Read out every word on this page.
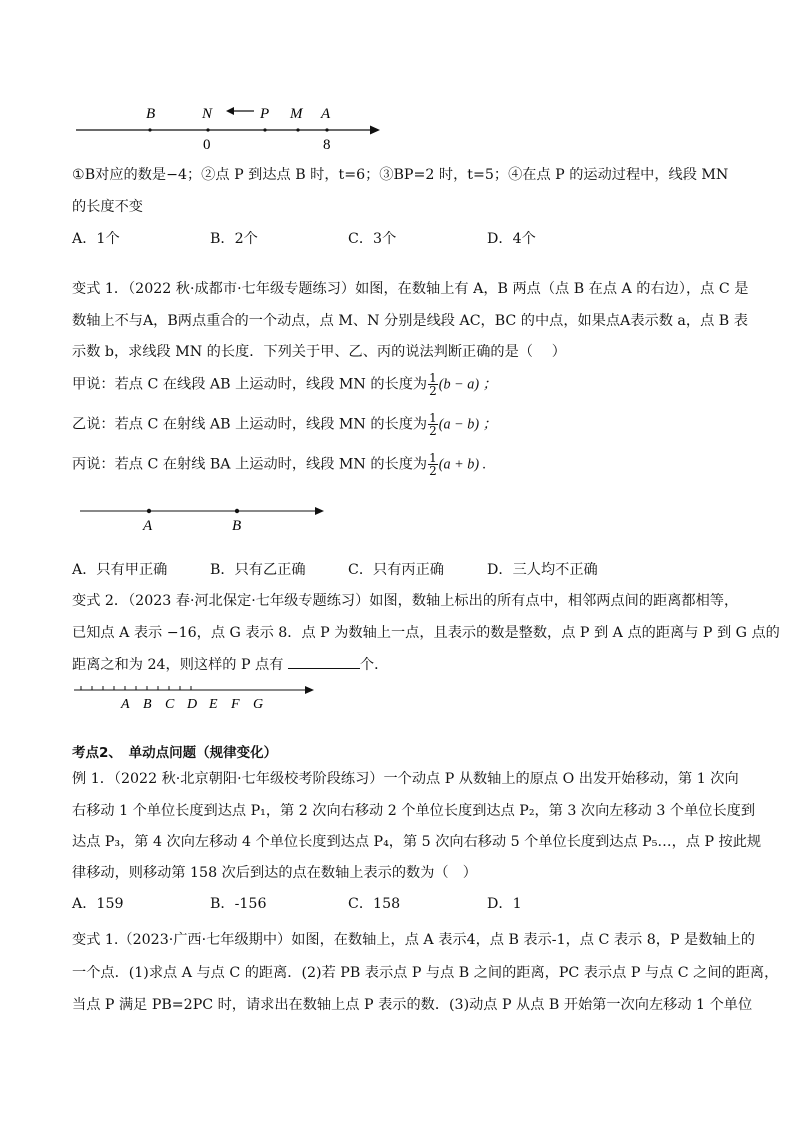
B	N	P M A
0	8
①B对应的数是−4；②点 P 到达点 B 时，t=6；③BP=2 时，t=5；④在点 P 的运动过程中，线段 MN
的长度不变
A．1个	B．2个	C．3个	D．4个
变式 1．（2022 秋·成都市·七年级专题练习）如图，在数轴上有 A，B 两点（点 B 在点 A 的右边），点 C 是
数轴上不与A，B两点重合的一个动点，点 M、N 分别是线段 AC，BC 的中点，如果点A表示数 a，点 B 表
示数 b，求线段 MN 的长度．下列关于甲、乙、丙的说法判断正确的是（　 ）
甲说：若点 C 在线段 AB 上运动时，线段 MN 的长度为 $\frac{1}{2} (b - a)$ ；
乙说：若点 C 在射线 AB 上运动时，线段 MN 的长度为 $\frac{1}{2} (a - b)$ ；
丙说：若点 C 在射线 BA 上运动时，线段 MN 的长度为 $\frac{1}{2} (a + b)$ .
A	B
A．只有甲正确	B．只有乙正确	C．只有丙正确	D．三人均不正确
变式 2．（2023 春·河北保定·七年级专题练习）如图，数轴上标出的所有点中，相邻两点间的距离都相等，
已知点 A 表示 −16，点 G 表示 8．点 P 为数轴上一点，且表示的数是整数，点 P 到 A 点的距离与 P 到 G 点的
距离之和为 24，则这样的 P 点有	个．
A B C D E F G
考点2、　单动点问题（规律变化）
例 1．（2022 秋·北京朝阳·七年级校考阶段练习）一个动点 P 从数轴上的原点 O 出发开始移动，第 1 次向
右移动 1 个单位长度到达点 P₁，第 2 次向右移动 2 个单位长度到达点 P₂，第 3 次向左移动 3 个单位长度到
达点 P₃，第 4 次向左移动 4 个单位长度到达点 P₄，第 5 次向右移动 5 个单位长度到达点 P₅…，点 P 按此规
律移动，则移动第 158 次后到达的点在数轴上表示的数为（　）
A．159	B．-156	C．158	D．1
变式 1.（2023·广西·七年级期中）如图，在数轴上，点 A 表示4，点 B 表示-1，点 C 表示 8，P 是数轴上的
一个点．(1)求点 A 与点 C 的距离．(2)若 PB 表示点 P 与点 B 之间的距离，PC 表示点 P 与点 C 之间的距离，
当点 P 满足 PB=2PC 时，请求出在数轴上点 P 表示的数．(3)动点 P 从点 B 开始第一次向左移动 1 个单位
